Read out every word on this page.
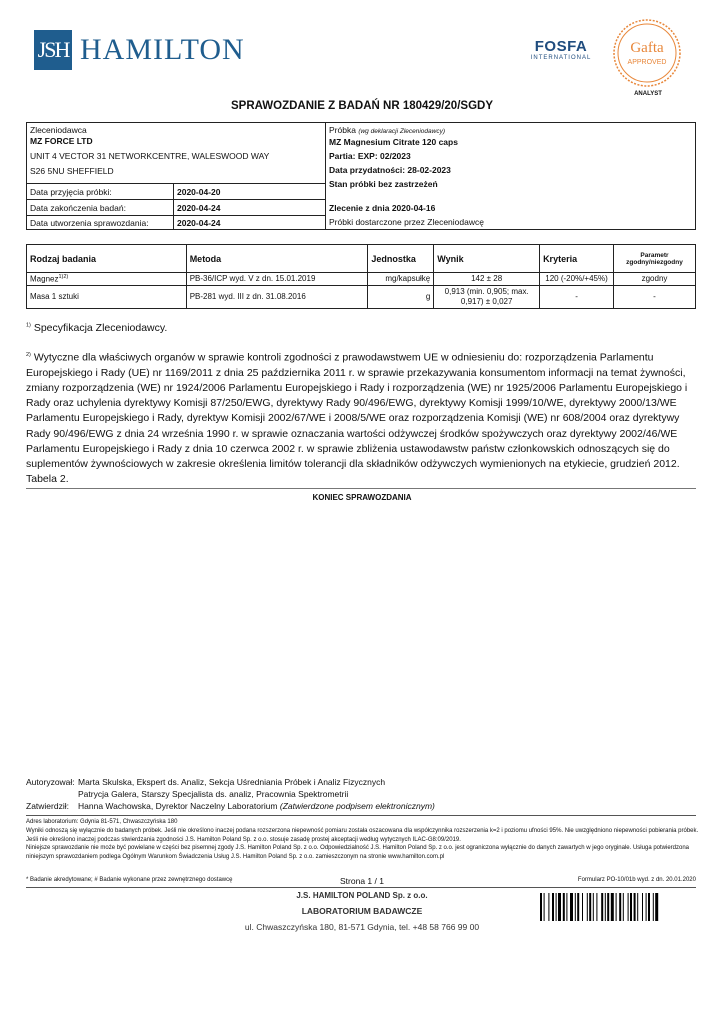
JSH HAMILTON	FOSFA
INTERNATIONAL
Gafta
APPROVED
ANALYST
SPRAWOZDANIE Z BADAŃ NR 180429/20/SGDY
Zleceniodawca
MZ FORCE LTD
UNIT 4 VECTOR 31 NETWORKCENTRE, WALESWOOD WAY
S26 5NU SHEFFIELD
Data przyjęcia próbki:	2020-04-20
Data zakończenia badań:	2020-04-24
Data utworzenia sprawozdania:	2020-04-24
Próbka (wg deklaracji Zleceniodawcy)
MZ Magnesium Citrate 120 caps
Partia: EXP: 02/2023
Data przydatności: 28-02-2023
Stan próbki bez zastrzeżeń
Zlecenie z dnia 2020-04-16
Próbki dostarczone przez Zleceniodawcę
Rodzaj badania	Metoda	Jednostka	Wynik	Kryteria	Parametr zgodny/niezgodny
Magnez$^{1)2)}$	PB-36/ICP wyd. V z dn. 15.01.2019	mg/kapsułkę	142 ± 28	120 (-20%/+45%)	zgodny
Masa 1 sztuki	PB-281 wyd. III z dn. 31.08.2016	g	0,913 (min. 0,905; max. 0,917) ± 0,027	-	-
$^{1)}$ Specyfikacja Zleceniodawcy.
$^{2)}$ Wytyczne dla właściwych organów w sprawie kontroli zgodności z prawodawstwem UE w odniesieniu do: rozporządzenia Parlamentu Europejskiego i Rady (UE) nr 1169/2011 z dnia 25 października 2011 r. w sprawie przekazywania konsumentom informacji na temat żywności, zmiany rozporządzenia (WE) nr 1924/2006 Parlamentu Europejskiego i Rady i rozporządzenia (WE) nr 1925/2006 Parlamentu Europejskiego i Rady oraz uchylenia dyrektywy Komisji 87/250/EWG, dyrektywy Rady 90/496/EWG, dyrektywy Komisji 1999/10/WE, dyrektywy 2000/13/WE Parlamentu Europejskiego i Rady, dyrektyw Komisji 2002/67/WE i 2008/5/WE oraz rozporządzenia Komisji (WE) nr 608/2004 oraz dyrektywy Rady 90/496/EWG z dnia 24 września 1990 r. w sprawie oznaczania wartości odżywczej środków spożywczych oraz dyrektywy 2002/46/WE Parlamentu Europejskiego i Rady z dnia 10 czerwca 2002 r. w sprawie zbliżenia ustawodawstw państw członkowskich odnoszących się do suplementów żywnościowych w zakresie określenia limitów tolerancji dla składników odżywczych wymienionych na etykiecie, grudzień 2012. Tabela 2.
KONIEC SPRAWOZDANIA
Autoryzował: Marta Skulska, Ekspert ds. Analiz, Sekcja Uśredniania Próbek i Analiz Fizycznych
Patrycja Galera, Starszy Specjalista ds. analiz, Pracownia Spektrometrii
Zatwierdził: Hanna Wachowska, Dyrektor Naczelny Laboratorium (Zatwierdzone podpisem elektronicznym)
Adres laboratorium: Gdynia 81-571, Chwaszczyńska 180
Wyniki odnoszą się wyłącznie do badanych próbek. Jeśli nie określono inaczej podana rozszerzona niepewność pomiaru została oszacowana dla współczynnika rozszerzenia k=2 i poziomu ufności 95%. Nie uwzględniono niepewności pobierania próbek. Jeśli nie określono inaczej podczas stwierdzania zgodności J.S. Hamilton Poland Sp. z o.o. stosuje zasadę prostej akceptacji według wytycznych ILAC-G8:09/2019.
Niniejsze sprawozdanie nie może być powielane w części bez pisemnej zgody J.S. Hamilton Poland Sp. z o.o. Odpowiedzialność J.S. Hamilton Poland Sp. z o.o. jest ograniczona wyłącznie do danych zawartych w jego oryginale. Usługa potwierdzona niniejszym sprawozdaniem podlega Ogólnym Warunkom Świadczenia Usług J.S. Hamilton Poland Sp. z o.o. zamieszczonym na stronie www.hamilton.com.pl
* Badanie akredytowane; # Badanie wykonane przez zewnętrznego dostawcę	Strona 1 / 1	Formularz PO-10/01b wyd. z dn. 20.01.2020
J.S. HAMILTON POLAND Sp. z o.o.
LABORATORIUM BADAWCZE
ul. Chwaszczyńska 180, 81-571 Gdynia, tel. +48 58 766 99 00
